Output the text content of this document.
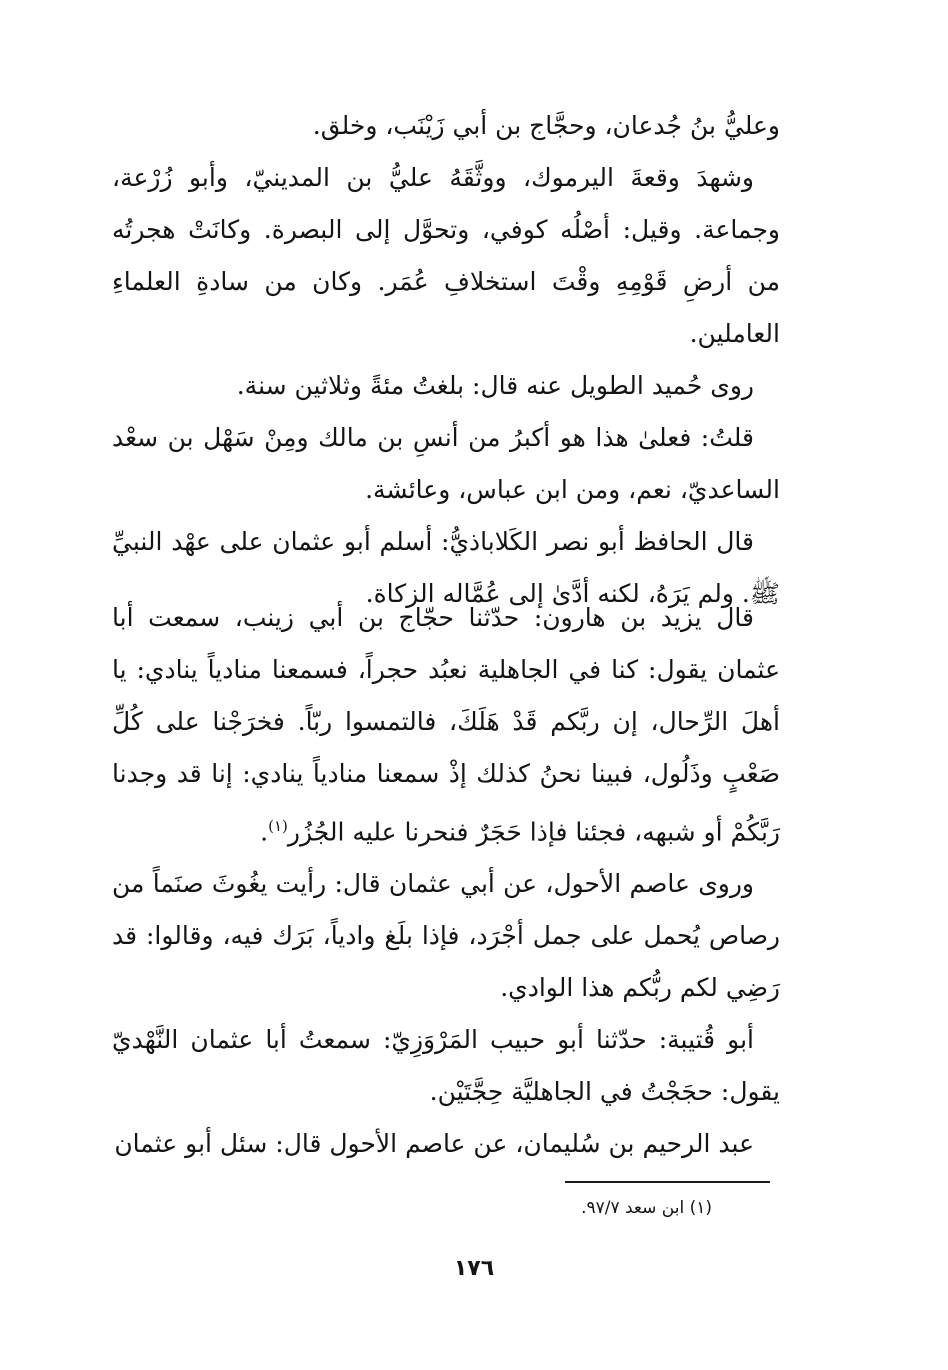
وعليُّ بنُ جُدعان، وحجَّاج بن أبي زَيْنَب، وخلق.

وشهدَ وقعةَ اليرموك، ووثَّقَهُ عليُّ بن المدينيّ، وأبو زُرْعة، وجماعة. وقيل: أصْلُه كوفي، وتحوَّل إلى البصرة. وكانَتْ هجرتُه من أرضِ قَوْمِهِ وقْتَ استخلافِ عُمَر. وكان من سادةِ العلماءِ العاملين.

روى حُميد الطويل عنه قال: بلغتُ مئةً وثلاثين سنة.

قلتُ: فعلىٰ هذا هو أكبرُ من أنسِ بن مالك ومِنْ سَهْل بن سعْد الساعديّ، نعم، ومن ابن عباس، وعائشة.

قال الحافظ أبو نصر الكَلاباذيُّ: أسلم أبو عثمان على عهْد النبيِّ ﷺ. ولم يَرَهُ، لكنه أدَّىٰ إلى عُمَّاله الزكاة.

قال يزيد بن هارون: حدّثنا حجّاج بن أبي زينب، سمعت أبا عثمان يقول: كنا في الجاهلية نعبُد حجراً، فسمعنا منادياً ينادي: يا أهلَ الرِّحال، إن ربَّكم قَدْ هَلَكَ، فالتمسوا ربّاً. فخرَجْنا على كُلِّ صَعْبٍ وذَلُول، فبينا نحنُ كذلك إذْ سمعنا منادياً ينادي: إنا قد وجدنا رَبَّكُمْ أو شبهه، فجئنا فإذا حَجَرٌ فنحرنا عليه الجُزُر$^{(١)}$.

وروى عاصم الأحول، عن أبي عثمان قال: رأيت يغُوثَ صنَماً من رصاص يُحمل على جمل أجْرَد، فإذا بلَغ وادياً، بَرَك فيه، وقالوا: قد رَضِي لكم ربُّكم هذا الوادي.

أبو قُتيبة: حدّثنا أبو حبيب المَرْوَزِيّ: سمعتُ أبا عثمان النَّهْديّ يقول: حجَجْتُ في الجاهليَّة حِجَّتَيْن.

عبد الرحيم بن سُليمان، عن عاصم الأحول قال: سئل أبو عثمان

(١) ابن سعد ٩٧/٧.
١٧٦
